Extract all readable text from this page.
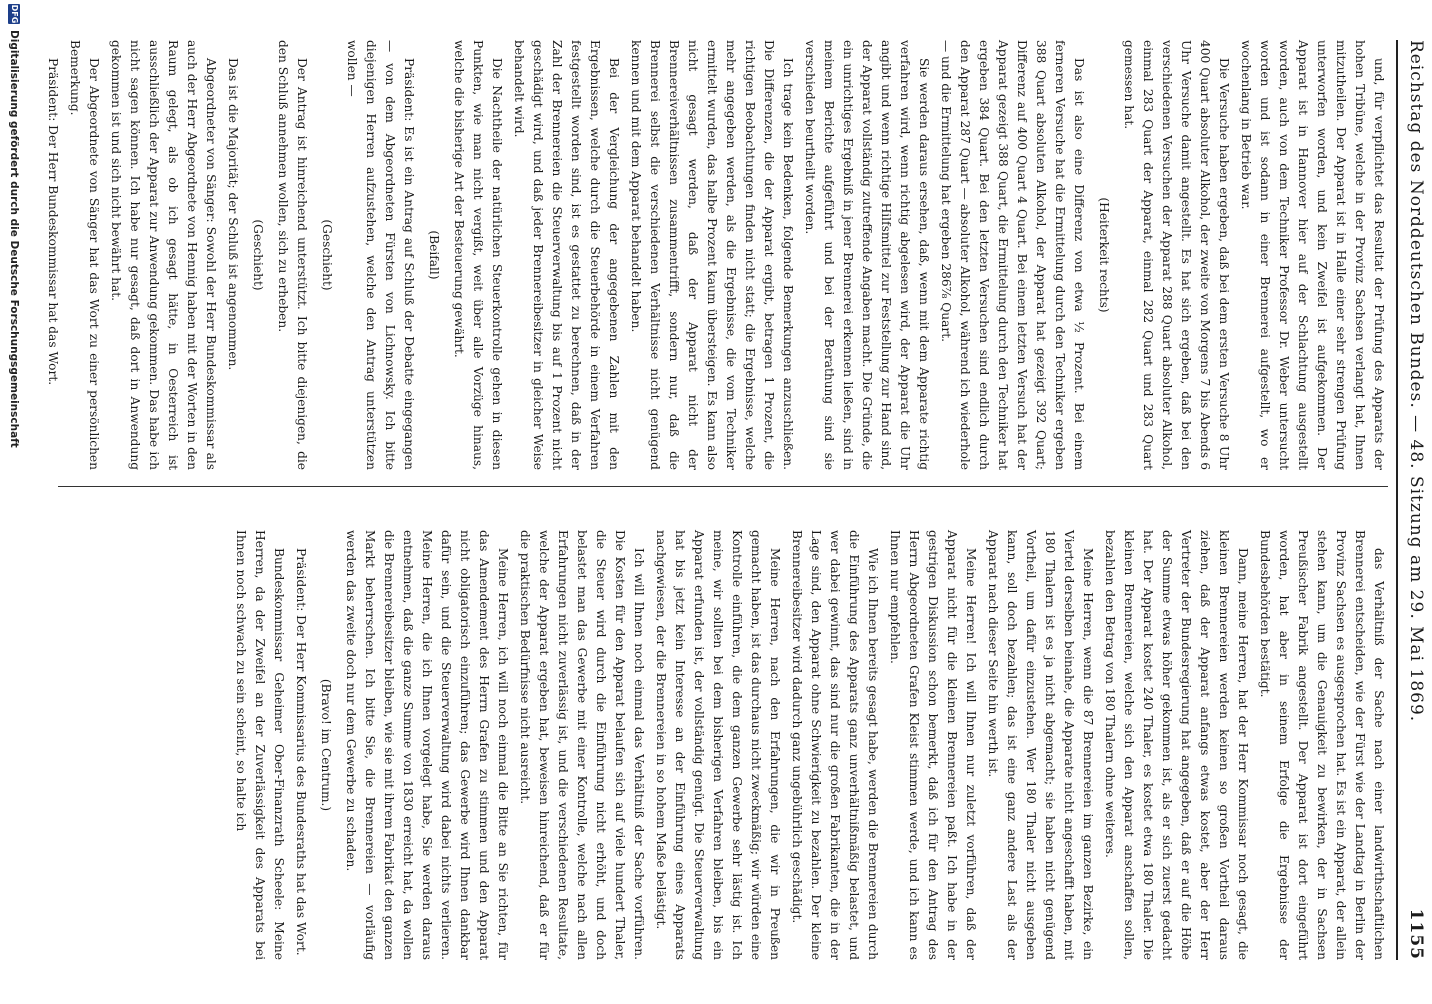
Reichstag des Norddeutschen Bundes. — 48. Sitzung am 29. Mai 1869.
1155

und, für verpflichtet das Resultat der Prüfung des Apparats der hohen Tribüne, welche in der Provinz Sachsen verlangt hat, Ihnen mitzutheilen. Der Apparat ist in Halle einer sehr strengen Prüfung unterworfen worden, und kein Zweifel ist aufgekommen. Der Apparat ist in Hannover hier auf der Schlachtung ausgestellt worden, auch von dem Techniker Professor Dr. Weber untersucht worden und ist sodann in einer Brennerei aufgestellt, wo er wochenlang in Betrieb war.

Die Versuche haben ergeben, daß bei dem ersten Versuche 8 Uhr 400 Quart absoluter Alkohol, der zweite von Morgens 7 bis Abends 6 Uhr Versuche damit angestellt. Es hat sich ergeben, daß bei den verschiedenen Versuchen der Apparat 288 Quart absoluter Alkohol, einmal 283 Quart der Apparat, einmal 282 Quart und 283 Quart gemessen hat.

(Heiterkeit rechts)

Das ist also eine Differenz von etwa ½ Prozent. Bei einem ferneren Versuche hat die Ermittelung durch den Techniker ergeben 388 Quart absoluten Alkohol, der Apparat hat gezeigt 392 Quart; Differenz auf 400 Quart 4 Quart. Bei einem letzten Versuch hat der Apparat gezeigt 388 Quart, die Ermittelung durch den Techniker hat ergeben 384 Quart. Bei den letzten Versuchen sind endlich durch den Apparat 287 Quart — absoluter Alkohol, während ich wiederhole — und die Ermittelung hat ergeben 286⅞ Quart.

Sie werden daraus ersehen, daß, wenn mit dem Apparate richtig verfahren wird, wenn richtig abgelesen wird, der Apparat die Uhr angibt und wenn richtige Hilfsmittel zur Feststellung zur Hand sind, der Apparat vollständig zutreffende Angaben macht. Die Gründe, die ein unrichtiges Ergebniß in jener Brennerei erkennen ließen, sind in meinem Berichte aufgeführt und bei der Berathung sind sie verschieden beurtheilt worden.

Ich trage kein Bedenken, folgende Bemerkungen anzuschließen. Die Differenzen, die der Apparat ergibt, betragen 1 Prozent, die richtigen Beobachtungen finden nicht statt; die Ergebnisse, welche mehr angegeben werden, als die Ergebnisse, die vom Techniker ermittelt wurden, das halbe Prozent kaum übersteigen. Es kann also nicht gesagt werden, daß der Apparat nicht der Brennereiverhältnissen zusammentrifft, sondern nur, daß die Brennerei selbst die verschiedenen Verhältnisse nicht genügend kennen und mit dem Apparat behandelt haben.

Bei der Vergleichung der angegebenen Zahlen mit den Ergebnissen, welche durch die Steuerbehörde in einem Verfahren festgestellt worden sind, ist es gestattet zu berechnen, daß in der Zahl der Brennereien die Steuerverwaltung bis auf 1 Prozent nicht geschädigt wird, und daß jeder Brennereibesitzer in gleicher Weise behandelt wird.

Die Nachtheile der natürlichen Steuerkontrolle gehen in diesen Punkten, wie man nicht vergißt, weit über alle Vorzüge hinaus, welche die bisherige Art der Besteuerung gewährt.

(Beifall)

Präsident: Es ist ein Antrag auf Schluß der Debatte eingegangen — von dem Abgeordneten Fürsten von Lichnowsky. Ich bitte diejenigen Herren aufzustehen, welche den Antrag unterstützen wollen —

(Geschieht)

Der Antrag ist hinreichend unterstützt. Ich bitte diejenigen, die den Schluß annehmen wollen, sich zu erheben.

(Geschieht)

Das ist die Majorität; der Schluß ist angenommen.

Abgeordneter von Sänger: Sowohl der Herr Bundeskommissar als auch der Herr Abgeordnete von Hennig haben mit der Worten in den Raum gelegt, als ob ich gesagt hätte, in Oesterreich ist ausschließlich der Apparat zur Anwendung gekommen. Das habe ich nicht sagen können. Ich habe nur gesagt, daß dort in Anwendung gekommen ist und sich nicht bewährt hat.

Der Abgeordnete von Sänger hat das Wort zu einer persönlichen Bemerkung.

Präsident: Der Herr Bundeskommissar hat das Wort.

das Verhältniß der Sache nach einer landwirthschaftlichen Brennerei entscheiden, wie der Fürst wie der Landtag in Berlin der Provinz Sachsen es ausgesprochen hat. Es ist ein Apparat, der allein stehen kann, um die Genauigkeit zu bewirken, der in Sachsen Preußischer Fabrik angestellt. Der Apparat ist dort eingeführt worden, hat aber in seinem Erfolge die Ergebnisse der Bundesbehörden bestätigt.

Dann, meine Herren, hat der Herr Kommissar noch gesagt, die kleinen Brennereien werden keinen so großen Vortheil daraus ziehen, daß der Apparat anfangs etwas kostet, aber der Herr Vertreter der Bundesregierung hat angegeben, daß er auf die Höhe der Summe etwas höher gekommen ist, als er sich zuerst gedacht hat. Der Apparat kostet 240 Thaler, es kostet etwa 180 Thaler. Die kleinen Brennereien, welche sich den Apparat anschaffen sollen, bezahlen den Betrag von 180 Thalern ohne weiteres.

Meine Herren, wenn die 87 Brennereien im ganzen Bezirke, ein Viertel derselben beinahe, die Apparate nicht angeschafft haben, mit 180 Thalern ist es ja nicht abgemacht; sie haben nicht genügend Vortheil, um dafür einzustehen. Wer 180 Thaler nicht ausgeben kann, soll doch bezahlen; das ist eine ganz andere Last als der Apparat nach dieser Seite hin werth ist.

Meine Herren! Ich will Ihnen nur zuletzt vorführen, daß der Apparat nicht für die kleinen Brennereien paßt. Ich habe in der gestrigen Diskussion schon bemerkt, daß ich für den Antrag des Herrn Abgeordneten Grafen Kleist stimmen werde, und ich kann es Ihnen nur empfehlen.

Wie ich Ihnen bereits gesagt habe, werden die Brennereien durch die Einführung des Apparats ganz unverhältnißmäßig belastet, und wer dabei gewinnt, das sind nur die großen Fabrikanten, die in der Lage sind, den Apparat ohne Schwierigkeit zu bezahlen. Der kleine Brennereibesitzer wird dadurch ganz ungebührlich geschädigt.

Meine Herren, nach den Erfahrungen, die wir in Preußen gemacht haben, ist das durchaus nicht zweckmäßig; wir würden eine Kontrolle einführen, die dem ganzen Gewerbe sehr lästig ist. Ich meine, wir sollten bei dem bisherigen Verfahren bleiben, bis ein Apparat erfunden ist, der vollständig genügt. Die Steuerverwaltung hat bis jetzt kein Interesse an der Einführung eines Apparats nachgewiesen, der die Brennereien in so hohem Maße belästigt.

Ich will Ihnen noch einmal das Verhältniß der Sache vorführen. Die Kosten für den Apparat belaufen sich auf viele hundert Thaler, die Steuer wird durch die Einführung nicht erhöht, und doch belastet man das Gewerbe mit einer Kontrolle, welche nach allen Erfahrungen nicht zuverlässig ist, und die verschiedenen Resultate, welche der Apparat ergeben hat, beweisen hinreichend, daß er für die praktischen Bedürfnisse nicht ausreicht.

Meine Herren, ich will noch einmal die Bitte an Sie richten, für das Amendement des Herrn Grafen zu stimmen und den Apparat nicht obligatorisch einzuführen; das Gewerbe wird Ihnen dankbar dafür sein, und die Steuerverwaltung wird dabei nichts verlieren. Meine Herren, die ich Ihnen vorgelegt habe, Sie werden daraus entnehmen, daß die ganze Summe von 1830 erreicht hat, da wollen die Brennereibesitzer bleiben, wie sie mit ihrem Fabrikat den ganzen Markt beherrschen. Ich bitte Sie, die Brennereien — vorläufig werden das zweite doch nur dem Gewerbe zu schaden.

(Bravo! im Centrum.)

Präsident: Der Herr Kommissarius des Bundesraths hat das Wort.

Bundeskommissar Geheimer Ober-Finanzrath Scheele: Meine Herren, da der Zweifel an der Zuverlässigkeit des Apparats bei Ihnen noch schwach zu sein scheint, so halte ich

DFG
Digitalisierung gefördert durch die Deutsche Forschungsgemeinschaft
